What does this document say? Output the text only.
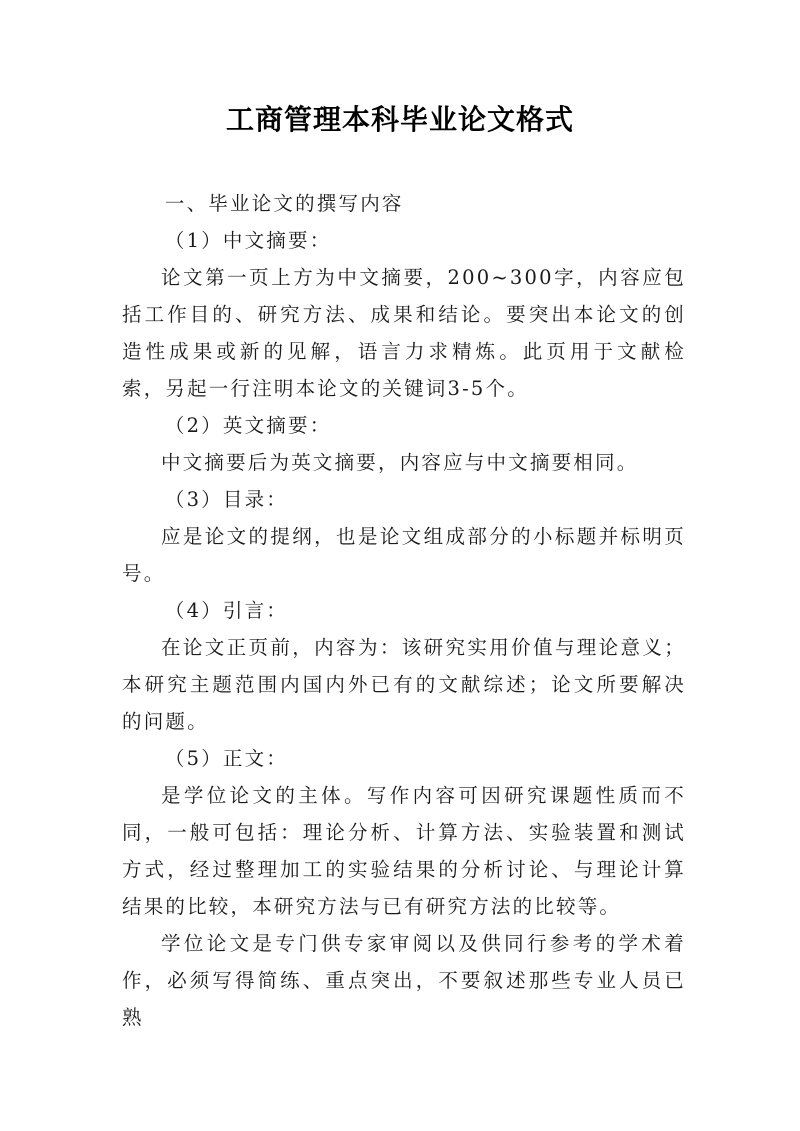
工商管理本科毕业论文格式

一、毕业论文的撰写内容

（1）中文摘要：

论文第一页上方为中文摘要，200~300字，内容应包括工作目的、研究方法、成果和结论。要突出本论文的创造性成果或新的见解，语言力求精炼。此页用于文献检索，另起一行注明本论文的关键词3-5个。

（2）英文摘要：

中文摘要后为英文摘要，内容应与中文摘要相同。

（3）目录：

应是论文的提纲，也是论文组成部分的小标题并标明页号。

（4）引言：

在论文正页前，内容为：该研究实用价值与理论意义；本研究主题范围内国内外已有的文献综述；论文所要解决的问题。

（5）正文：

是学位论文的主体。写作内容可因研究课题性质而不同，一般可包括：理论分析、计算方法、实验装置和测试方式，经过整理加工的实验结果的分析讨论、与理论计算结果的比较，本研究方法与已有研究方法的比较等。

学位论文是专门供专家审阅以及供同行参考的学术着作，必须写得简练、重点突出，不要叙述那些专业人员已熟
